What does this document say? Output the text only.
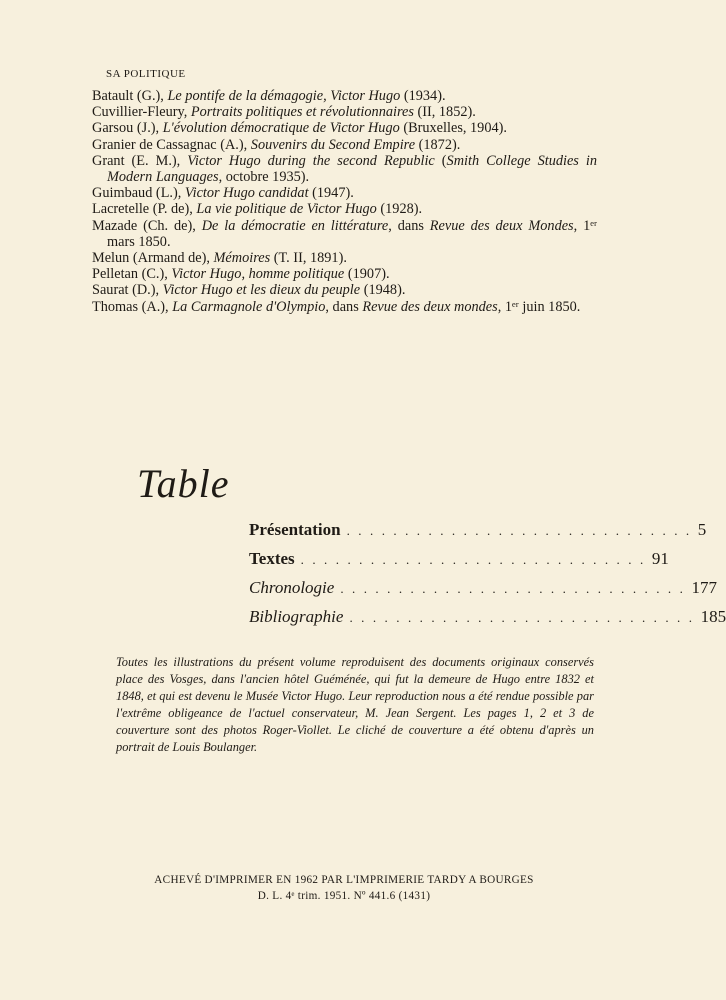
SA POLITIQUE
Batault (G.), Le pontife de la démagogie, Victor Hugo (1934).
Cuvillier-Fleury, Portraits politiques et révolutionnaires (II, 1852).
Garsou (J.), L'évolution démocratique de Victor Hugo (Bruxelles, 1904).
Granier de Cassagnac (A.), Souvenirs du Second Empire (1872).
Grant (E. M.), Victor Hugo during the second Republic (Smith College Studies in Modern Languages, octobre 1935).
Guimbaud (L.), Victor Hugo candidat (1947).
Lacretelle (P. de), La vie politique de Victor Hugo (1928).
Mazade (Ch. de), De la démocratie en littérature, dans Revue des deux Mondes, 1ᵉʳ mars 1850.
Melun (Armand de), Mémoires (T. II, 1891).
Pelletan (C.), Victor Hugo, homme politique (1907).
Saurat (D.), Victor Hugo et les dieux du peuple (1948).
Thomas (A.), La Carmagnole d'Olympio, dans Revue des deux mondes, 1ᵉʳ juin 1850.
Table
Présentation . . . . . . . . . . . . . . . . . . . . . . . . . . . . . . 5
Textes . . . . . . . . . . . . . . . . . . . . . . . . . . . . . . 91
Chronologie . . . . . . . . . . . . . . . . . . . . . . . . . . . . . . 177
Bibliographie . . . . . . . . . . . . . . . . . . . . . . . . . . . . . . 185
Toutes les illustrations du présent volume reproduisent des documents originaux conservés place des Vosges, dans l'ancien hôtel Guéménée, qui fut la demeure de Hugo entre 1832 et 1848, et qui est devenu le Musée Victor Hugo. Leur reproduction nous a été rendue possible par l'extrême obligeance de l'actuel conservateur, M. Jean Sergent. Les pages 1, 2 et 3 de couverture sont des photos Roger-Viollet. Le cliché de couverture a été obtenu d'après un portrait de Louis Boulanger.
ACHEVÉ D'IMPRIMER EN 1962 PAR L'IMPRIMERIE TARDY A BOURGES
D. L. 4ᵉ trim. 1951. Nº 441.6 (1431)
